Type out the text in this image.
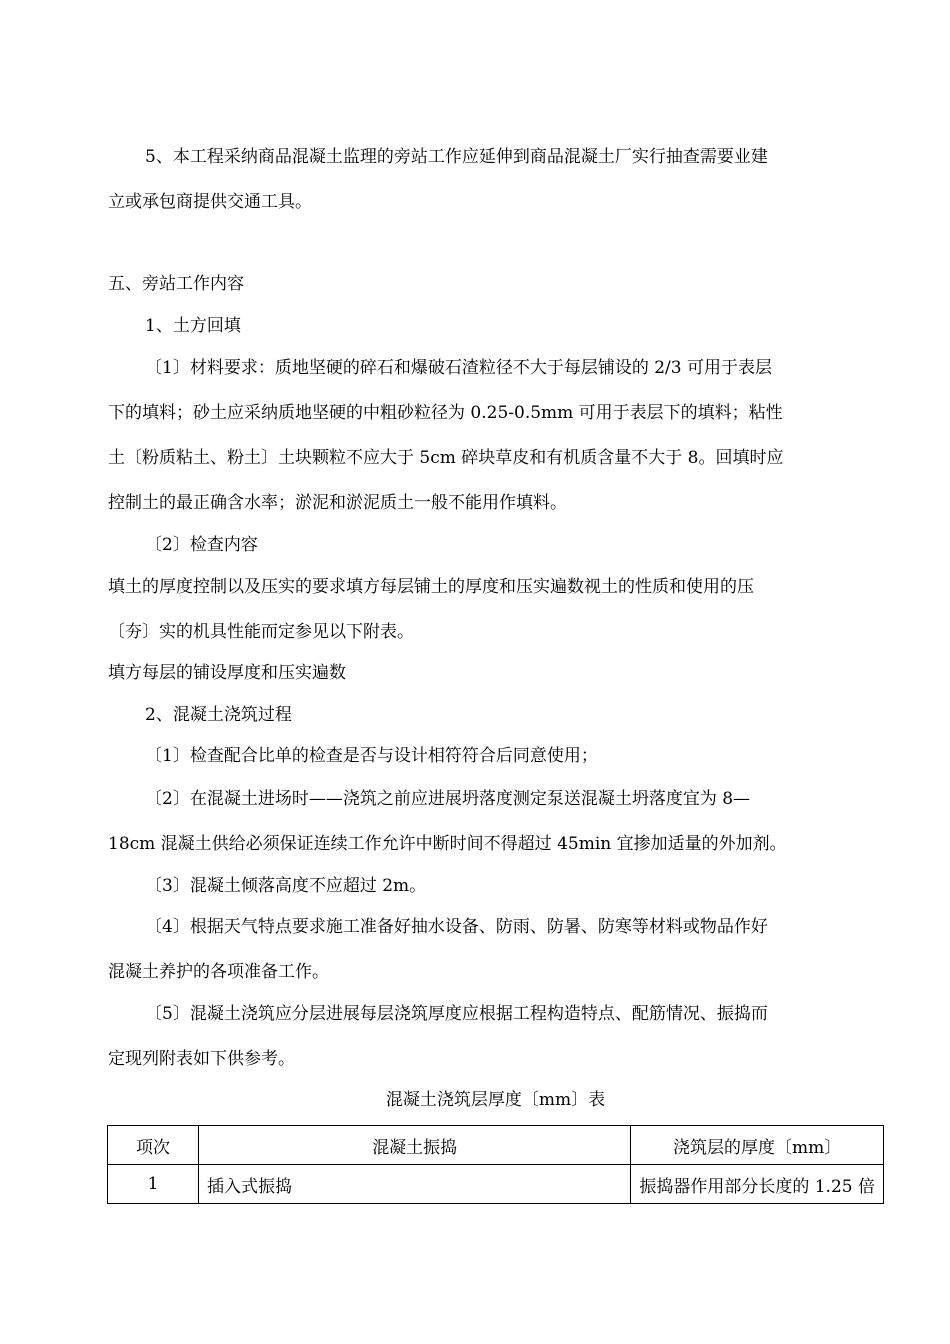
5、本工程采纳商品混凝土监理的旁站工作应延伸到商品混凝土厂实行抽查需要业建
立或承包商提供交通工具。
五、旁站工作内容
1、土方回填
〔1〕材料要求：质地坚硬的碎石和爆破石渣粒径不大于每层铺设的 2/3 可用于表层
下的填料；砂土应采纳质地坚硬的中粗砂粒径为 0.25-0.5mm 可用于表层下的填料；粘性
土〔粉质粘土、粉土〕土块颗粒不应大于 5cm 碎块草皮和有机质含量不大于 8。回填时应
控制土的最正确含水率；淤泥和淤泥质土一般不能用作填料。
〔2〕检查内容
填土的厚度控制以及压实的要求填方每层铺土的厚度和压实遍数视土的性质和使用的压
〔夯〕实的机具性能而定参见以下附表。
填方每层的铺设厚度和压实遍数
2、混凝土浇筑过程
〔1〕检查配合比单的检查是否与设计相符符合后同意使用；
〔2〕在混凝土进场时——浇筑之前应进展坍落度测定泵送混凝土坍落度宜为 8—
18cm 混凝土供给必须保证连续工作允许中断时间不得超过 45min 宜掺加适量的外加剂。
〔3〕混凝土倾落高度不应超过 2m。
〔4〕根据天气特点要求施工准备好抽水设备、防雨、防暑、防寒等材料或物品作好
混凝土养护的各项准备工作。
〔5〕混凝土浇筑应分层进展每层浇筑厚度应根据工程构造特点、配筋情况、振捣而
定现列附表如下供参考。
混凝土浇筑层厚度〔mm〕表
项次	混凝土振捣	浇筑层的厚度〔mm〕
1	插入式振捣	振捣器作用部分长度的 1.25 倍
